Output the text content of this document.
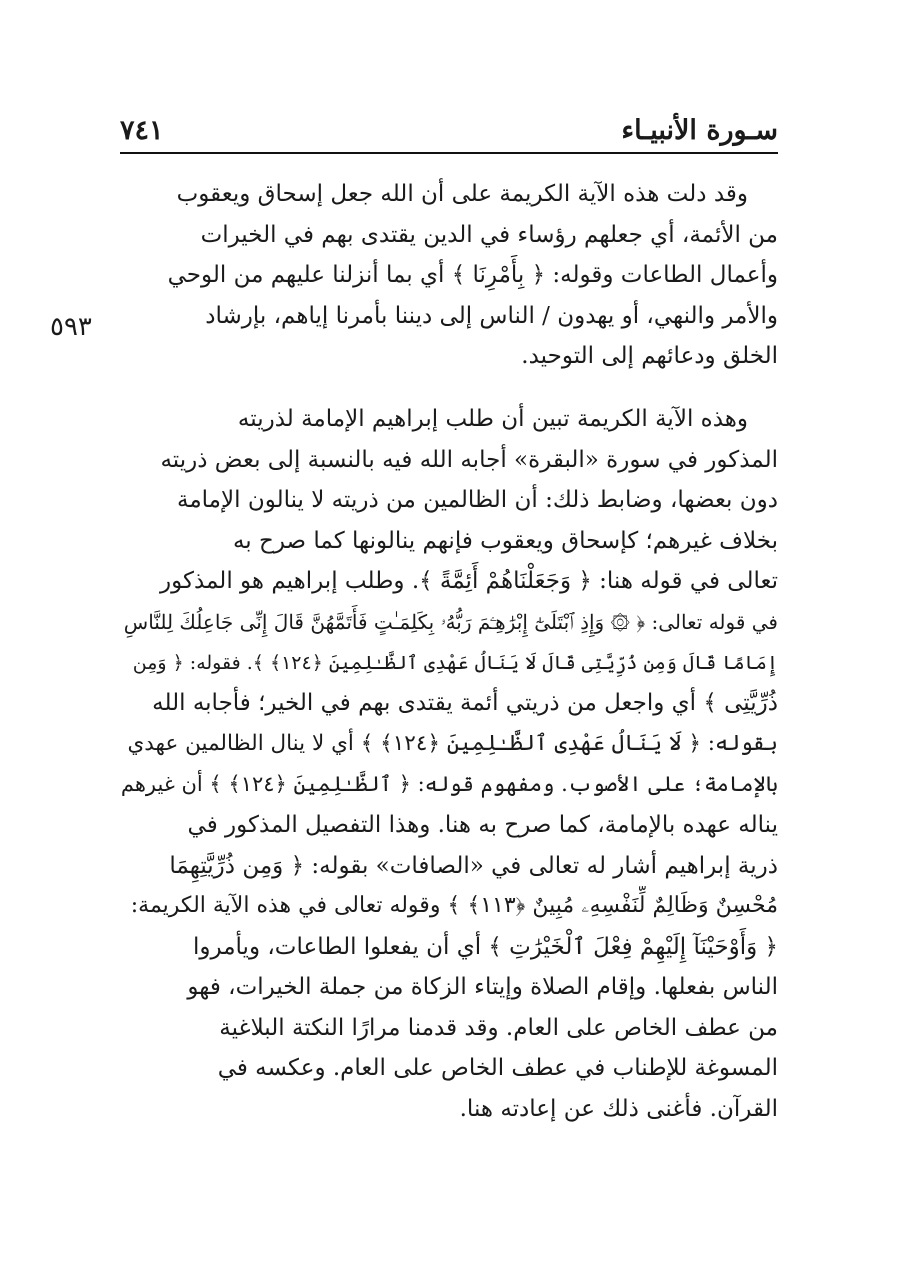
سـورة الأنبيـاء
٧٤١
٥٩٣
وقد دلت هذه الآية الكريمة على أن الله جعل إسحاق ويعقوب
من الأئمة، أي جعلهم رؤساء في الدين يقتدى بهم في الخيرات
وأعمال الطاعات وقوله: ﴿ بِأَمْرِنَا ﴾ أي بما أنزلنا عليهم من الوحي
والأمر والنهي، أو يهدون / الناس إلى ديننا بأمرنا إياهم، بإرشاد
الخلق ودعائهم إلى التوحيد.
وهذه الآية الكريمة تبين أن طلب إبراهيم الإمامة لذريته
المذكور في سورة «البقرة» أجابه الله فيه بالنسبة إلى بعض ذريته
دون بعضها، وضابط ذلك: أن الظالمين من ذريته لا ينالون الإمامة
بخلاف غيرهم؛ كإسحاق ويعقوب فإنهم ينالونها كما صرح به
تعالى في قوله هنا: ﴿ وَجَعَلْنَاهُمْ أَئِمَّةً ﴾. وطلب إبراهيم هو المذكور
في قوله تعالى: ﴿ ۞ وَإِذِ ٱبْتَلَىٰٓ إِبْرَٰهِـۧمَ رَبُّهُۥ بِكَلِمَـٰتٍ فَأَتَمَّهُنَّ قَالَ إِنِّى جَاعِلُكَ لِلنَّاسِ
إِمَامًا قَالَ وَمِن ذُرِّيَّتِى قَالَ لَا يَنَالُ عَهْدِى ٱلظَّـٰلِمِينَ ﴿١٢٤﴾ ﴾. فقوله: ﴿ وَمِن
ذُرِّيَّتِى ﴾ أي واجعل من ذريتي أئمة يقتدى بهم في الخير؛ فأجابه الله
بقوله: ﴿ لَا يَنَالُ عَهْدِى ٱلظَّـٰلِمِينَ ﴿١٢٤﴾ ﴾ أي لا ينال الظالمين عهدي
بالإمامة؛ على الأصوب. ومفهوم قوله: ﴿ ٱلظَّـٰلِمِينَ ﴿١٢٤﴾ ﴾ أن غيرهم
يناله عهده بالإمامة، كما صرح به هنا. وهذا التفصيل المذكور في
ذرية إبراهيم أشار له تعالى في «الصافات» بقوله: ﴿ وَمِن ذُرِّيَّتِهِمَا
مُحْسِنٌ وَظَالِمٌ لِّنَفْسِهِۦ مُبِينٌ ﴿١١٣﴾ ﴾ وقوله تعالى في هذه الآية الكريمة:
﴿ وَأَوْحَيْنَآ إِلَيْهِمْ فِعْلَ ٱلْخَيْرَٰتِ ﴾ أي أن يفعلوا الطاعات، ويأمروا
الناس بفعلها. وإقام الصلاة وإيتاء الزكاة من جملة الخيرات، فهو
من عطف الخاص على العام. وقد قدمنا مرارًا النكتة البلاغية
المسوغة للإطناب في عطف الخاص على العام. وعكسه في
القرآن. فأغنى ذلك عن إعادته هنا.
